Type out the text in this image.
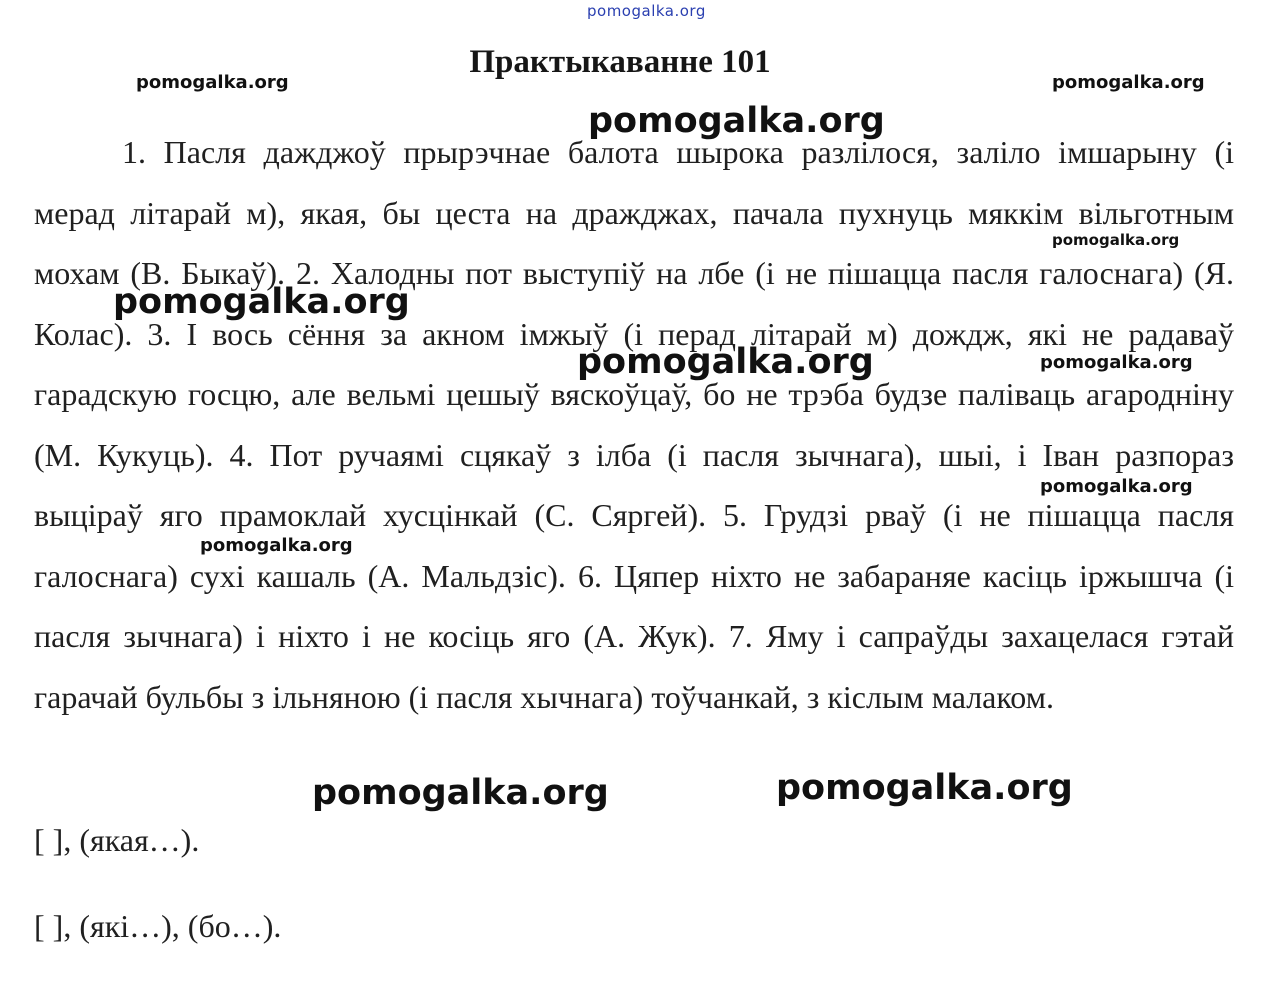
Практыкаванне 101

1. Пасля дажджоў прырэчнае балота шырока разлілося, заліло імшарыну (і мерад літарай м), якая, бы цеста на дражджах, пачала пухнуць мяккім вільготным мохам (В. Быкаў). 2. Халодны пот выступіў на лбе (і не пішацца пасля галоснага) (Я. Колас). 3. І вось сёння за акном імжыў (і перад літарай м) дождж, які не радаваў гарадскую госцю, але вельмі цешыў вяскоўцаў, бо не трэба будзе паліваць агародніну (М. Кукуць). 4. Пот ручаямі сцякаў з ілба (і пасля зычнага), шыі, і Іван разпораз выціраў яго прамоклай хусцінкай (С. Сяргей). 5. Грудзі рваў (і не пішацца пасля галоснага) сухі кашаль (А. Мальдзіс). 6. Цяпер ніхто не забараняе касіць іржышча (і пасля зычнага) і ніхто і не косіць яго (А. Жук). 7. Яму і сапраўды захацелася гэтай гарачай бульбы з ільняною (і пасля хычнага) тоўчанкай, з кіслым малаком.

[ ], (якая…).
[ ], (які…), (бо…).
pomogalka.org
pomogalka.org	pomogalka.org
pomogalka.org
pomogalka.org
pomogalka.org
pomogalka.org	pomogalka.org
pomogalka.org
pomogalka.org
pomogalka.org	pomogalka.org
